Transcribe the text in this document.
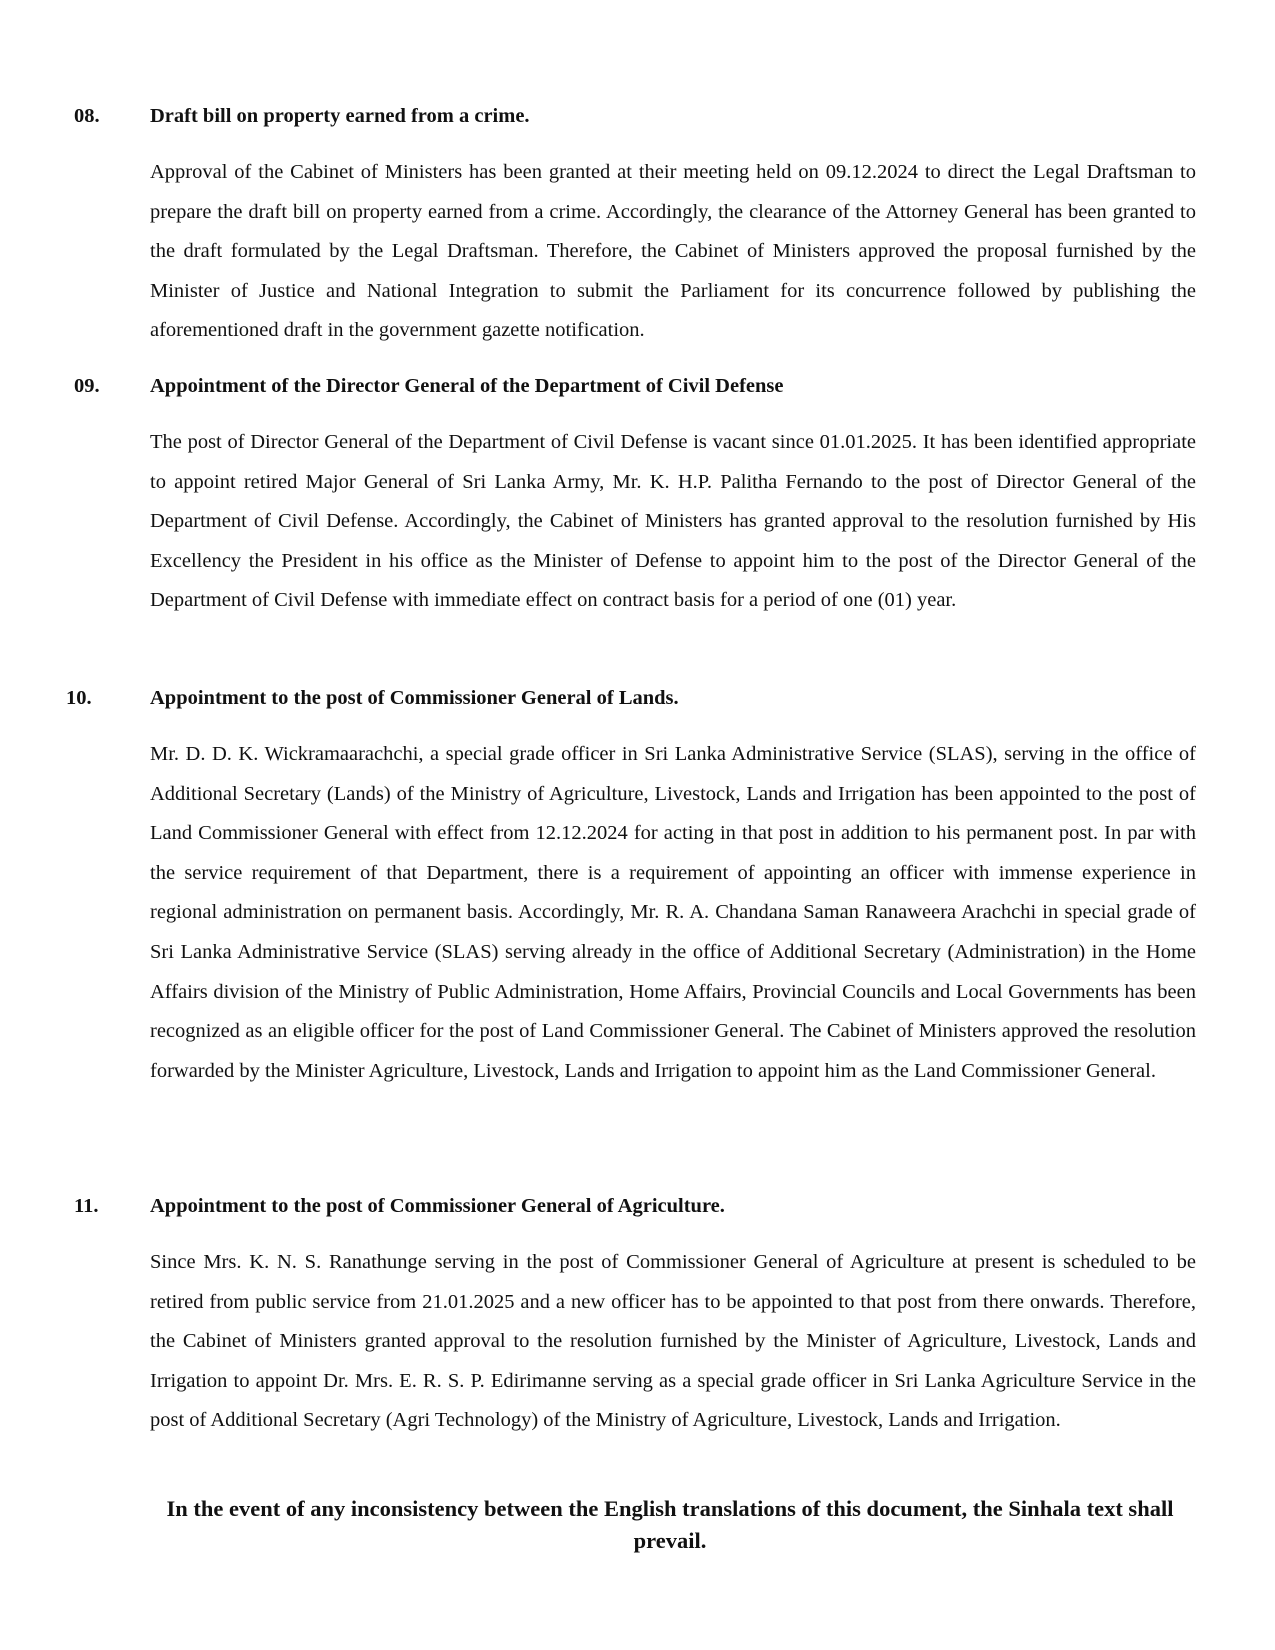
08. Draft bill on property earned from a crime.

Approval of the Cabinet of Ministers has been granted at their meeting held on 09.12.2024 to direct the Legal Draftsman to prepare the draft bill on property earned from a crime. Accordingly, the clearance of the Attorney General has been granted to the draft formulated by the Legal Draftsman. Therefore, the Cabinet of Ministers approved the proposal furnished by the Minister of Justice and National Integration to submit the Parliament for its concurrence followed by publishing the aforementioned draft in the government gazette notification.

09. Appointment of the Director General of the Department of Civil Defense

The post of Director General of the Department of Civil Defense is vacant since 01.01.2025. It has been identified appropriate to appoint retired Major General of Sri Lanka Army, Mr. K. H.P. Palitha Fernando to the post of Director General of the Department of Civil Defense. Accordingly, the Cabinet of Ministers has granted approval to the resolution furnished by His Excellency the President in his office as the Minister of Defense to appoint him to the post of the Director General of the Department of Civil Defense with immediate effect on contract basis for a period of one (01) year.

10.	Appointment to the post of Commissioner General of Lands.

Mr. D. D. K. Wickramaarachchi, a special grade officer in Sri Lanka Administrative Service (SLAS), serving in the office of Additional Secretary (Lands) of the Ministry of Agriculture, Livestock, Lands and Irrigation has been appointed to the post of Land Commissioner General with effect from 12.12.2024 for acting in that post in addition to his permanent post. In par with the service requirement of that Department, there is a requirement of appointing an officer with immense experience in regional administration on permanent basis. Accordingly, Mr. R. A. Chandana Saman Ranaweera Arachchi in special grade of Sri Lanka Administrative Service (SLAS) serving already in the office of Additional Secretary (Administration) in the Home Affairs division of the Ministry of Public Administration, Home Affairs, Provincial Councils and Local Governments has been recognized as an eligible officer for the post of Land Commissioner General. The Cabinet of Ministers approved the resolution forwarded by the Minister Agriculture, Livestock, Lands and Irrigation to appoint him as the Land Commissioner General.

11.	Appointment to the post of Commissioner General of Agriculture.

Since Mrs. K. N. S. Ranathunge serving in the post of Commissioner General of Agriculture at present is scheduled to be retired from public service from 21.01.2025 and a new officer has to be appointed to that post from there onwards. Therefore, the Cabinet of Ministers granted approval to the resolution furnished by the Minister of Agriculture, Livestock, Lands and Irrigation to appoint Dr. Mrs. E. R. S. P. Edirimanne serving as a special grade officer in Sri Lanka Agriculture Service in the post of Additional Secretary (Agri Technology) of the Ministry of Agriculture, Livestock, Lands and Irrigation.

In the event of any inconsistency between the English translations of this document, the Sinhala text shall prevail.
